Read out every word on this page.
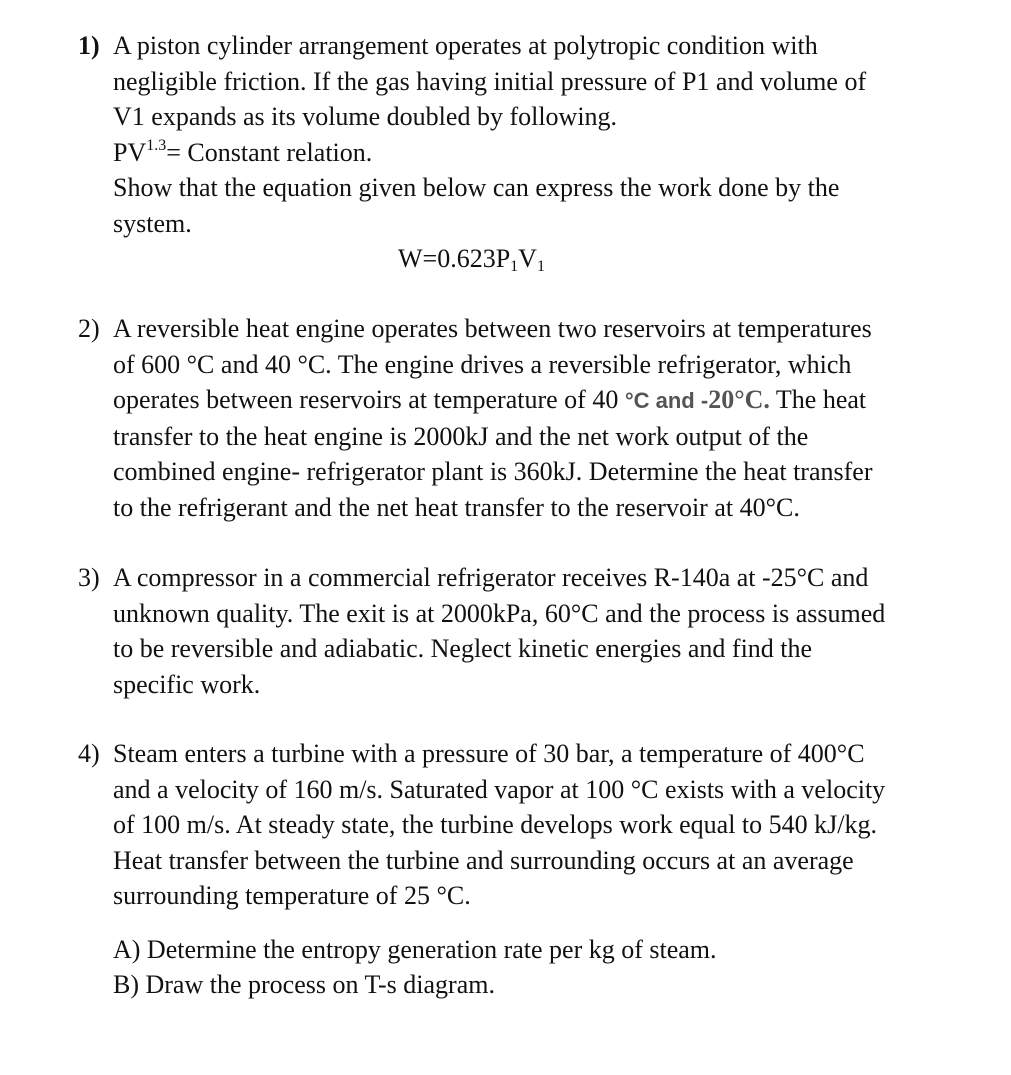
1) A piston cylinder arrangement operates at polytropic condition with
negligible friction. If the gas having initial pressure of P1 and volume of
V1 expands as its volume doubled by following.
$PV^{1.3}=$ Constant relation.
Show that the equation given below can express the work done by the
system.
$W=0.623P_1V_1$
2) A reversible heat engine operates between two reservoirs at temperatures
of 600 °C and 40 °C. The engine drives a reversible refrigerator, which
operates between reservoirs at temperature of 40 °C and -20°C. The heat
transfer to the heat engine is 2000kJ and the net work output of the
combined engine- refrigerator plant is 360kJ. Determine the heat transfer
to the refrigerant and the net heat transfer to the reservoir at 40°C.
3) A compressor in a commercial refrigerator receives R-140a at -25°C and
unknown quality. The exit is at 2000kPa, 60°C and the process is assumed
to be reversible and adiabatic. Neglect kinetic energies and find the
specific work.
4) Steam enters a turbine with a pressure of 30 bar, a temperature of 400°C
and a velocity of 160 m/s. Saturated vapor at 100 °C exists with a velocity
of 100 m/s. At steady state, the turbine develops work equal to 540 kJ/kg.
Heat transfer between the turbine and surrounding occurs at an average
surrounding temperature of 25 °C.
A) Determine the entropy generation rate per kg of steam.
B) Draw the process on T-s diagram.
